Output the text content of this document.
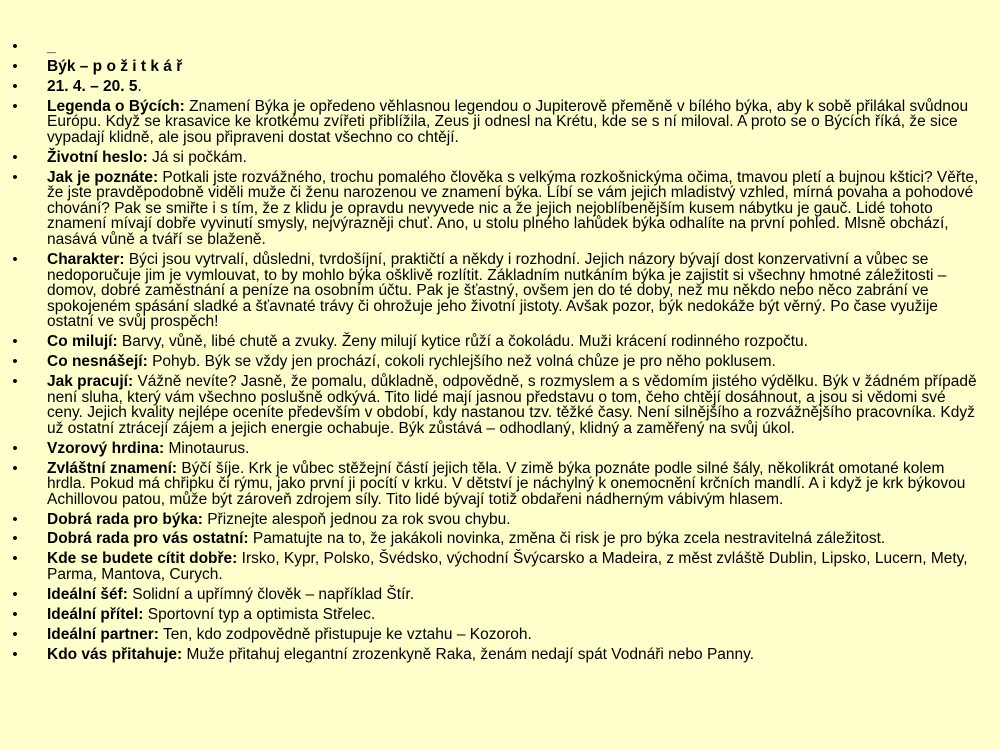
• _
• Býk – p o ž i t k á ř
• 21. 4. – 20. 5.
• Legenda o Býcích: Znamení Býka je opředeno věhlasnou legendou o Jupiterově přeměně v bílého býka, aby k sobě přilákal svůdnou Európu. Když se krasavice ke krotkému zvířeti přiblížila, Zeus ji odnesl na Krétu, kde se s ní miloval. A proto se o Býcích říká, že sice vypadají klidně, ale jsou připraveni dostat všechno co chtějí.
• Životní heslo: Já si počkám.
• Jak je poznáte: Potkali jste rozvážného, trochu pomalého člověka s velkýma rozkošnickýma očima, tmavou pletí a bujnou kštici? Věřte, že jste pravděpodobně viděli muže či ženu narozenou ve znamení býka. Líbí se vám jejich mladistvý vzhled, mírná povaha a pohodové chování? Pak se smiřte i s tím, že z klidu je opravdu nevyvede nic a že jejich nejoblíbenějším kusem nábytku je gauč. Lidé tohoto znamení mívají dobře vyvinutí smysly, nejvýrazněji chuť. Ano, u stolu plného lahůdek býka odhalíte na první pohled. Mlsně obchází, nasává vůně a tváří se blaženě.
• Charakter: Býci jsou vytrvalí, důsledni, tvrdošíjní, praktičtí a někdy i rozhodní. Jejich názory bývají dost konzervativní a vůbec se nedoporučuje jim je vymlouvat, to by mohlo býka ošklivě rozlítit. Základním nutkáním býka je zajistit si všechny hmotné záležitosti – domov, dobré zaměstnání a peníze na osobním účtu. Pak je šťastný, ovšem jen do té doby, než mu někdo nebo něco zabrání ve spokojeném spásání sladké a šťavnaté trávy či ohrožuje jeho životní jistoty. Avšak pozor, býk nedokáže být věrný. Po čase využije ostatní ve svůj prospěch!
• Co milují: Barvy, vůně, libé chutě a zvuky. Ženy milují kytice růží a čokoládu. Muži krácení rodinného rozpočtu.
• Co nesnášejí: Pohyb. Býk se vždy jen prochází, cokoli rychlejšího než volná chůze je pro něho poklusem.
• Jak pracují: Vážně nevíte? Jasně, že pomalu, důkladně, odpovědně, s rozmyslem a s vědomím jistého výdělku. Býk v žádném případě není sluha, který vám všechno poslušně odkývá. Tito lidé mají jasnou představu o tom, čeho chtějí dosáhnout, a jsou si vědomi své ceny. Jejich kvality nejlépe oceníte především v období, kdy nastanou tzv. těžké časy. Není silnějšího a rozvážnějšího pracovníka. Když už ostatní ztrácejí zájem a jejich energie ochabuje. Býk zůstává – odhodlaný, klidný a zaměřený na svůj úkol.
• Vzorový hrdina: Minotaurus.
• Zvláštní znamení: Býčí šíje. Krk je vůbec stěžejní částí jejich těla. V zimě býka poznáte podle silné šály, několikrát omotané kolem hrdla. Pokud má chřipku či rýmu, jako první ji pocítí v krku. V dětství je náchylný k onemocnění krčních mandlí. A i když je krk býkovou Achillovou patou, může být zároveň zdrojem síly. Tito lidé bývají totiž obdařeni nádherným vábivým hlasem.
• Dobrá rada pro býka: Přiznejte alespoň jednou za rok svou chybu.
• Dobrá rada pro vás ostatní: Pamatujte na to, že jakákoli novinka, změna či risk je pro býka zcela nestravitelná záležitost.
• Kde se budete cítit dobře: Irsko, Kypr, Polsko, Švédsko, východní Švýcarsko a Madeira, z měst zvláště Dublin, Lipsko, Lucern, Mety, Parma, Mantova, Curych.
• Ideální šéf: Solidní a upřímný člověk – například Štír.
• Ideální přítel: Sportovní typ a optimista Střelec.
• Ideální partner: Ten, kdo zodpovědně přistupuje ke vztahu – Kozoroh.
• Kdo vás přitahuje: Muže přitahuj elegantní zrozenkyně Raka, ženám nedají spát Vodnáři nebo Panny.
